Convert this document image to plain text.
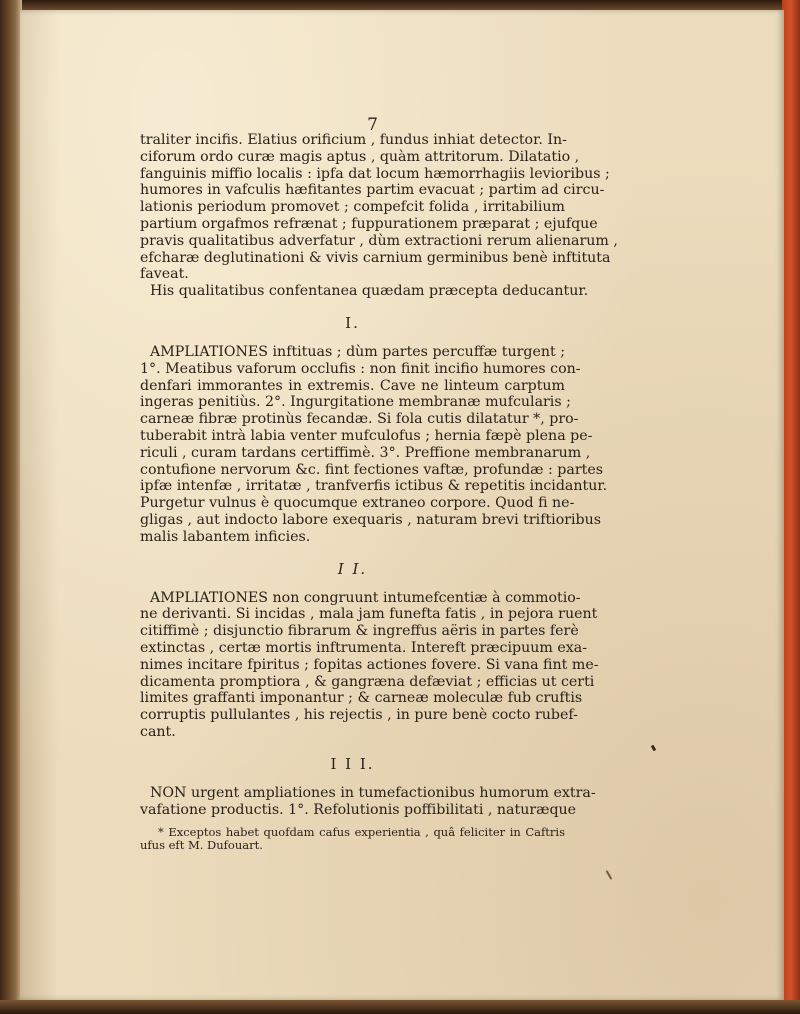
7
traliter incifis. Elatius orificium , fundus inhiat detector. In-
ciforum ordo curæ magis aptus , quàm attritorum. Dilatatio ,
fanguinis miffio localis : ipfa dat locum hæmorrhagiis levioribus ;
humores in vafculis hæfitantes partim evacuat ; partim ad circu-
lationis periodum promovet ; compefcit folida , irritabilium
partium orgafmos refrænat ; fuppurationem præparat ; ejufque
pravis qualitatibus adverfatur , dùm extractioni rerum alienarum ,
efcharæ deglutinationi & vivis carnium germinibus benè inftituta
faveat.
His qualitatibus confentanea quædam præcepta deducantur.
I.
AMPLIATIONES inftituas ; dùm partes percuffæ turgent ;
1°. Meatibus vaforum occlufis : non finit incifio humores con-
denfari immorantes in extremis. Cave ne linteum carptum
ingeras penitiùs. 2°. Ingurgitatione membranæ mufcularis ;
carneæ fibræ protinùs fecandæ. Si fola cutis dilatatur *, pro-
tuberabit intrà labia venter mufculofus ; hernia fæpè plena pe-
riculi , curam tardans certiffimè. 3°. Preffione membranarum ,
contufione nervorum &c. fint fectiones vaftæ, profundæ : partes
ipfæ intenfæ , irritatæ , tranfverfis ictibus & repetitis incidantur.
Purgetur vulnus è quocumque extraneo corpore. Quod fi ne-
gligas , aut indocto labore exequaris , naturam brevi triftioribus
malis labantem inficies.
I I.
AMPLIATIONES non congruunt intumefcentiæ à commotio-
ne derivanti. Si incidas , mala jam funefta fatis , in pejora ruent
citiffimè ; disjunctio fibrarum & ingreffus aëris in partes ferè
extinctas , certæ mortis inftrumenta. Intereft præcipuum exa-
nimes incitare fpiritus ; fopitas actiones fovere. Si vana fint me-
dicamenta promptiora , & gangræna defæviat ; efficias ut certi
limites graffanti imponantur ; & carneæ moleculæ fub cruftis
corruptis pullulantes , his rejectis , in pure benè cocto rubef-
cant.
I I I.
NON urgent ampliationes in tumefactionibus humorum extra-
vafatione productis. 1°. Refolutionis poffibilitati , naturæque
* Exceptos habet quofdam cafus experientia , quâ feliciter in Caftris
ufus eft M. Dufouart.
